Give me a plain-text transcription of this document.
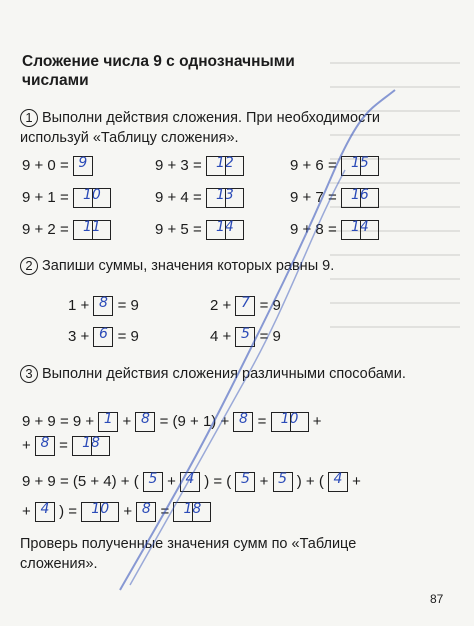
Сложение числа 9 с однозначными числами
1 Выполни действия сложения. При необходимости используй «Таблицу сложения».
9 + 0 = 9	9 + 3 =	12	9 + 6 =	15
9 + 1 =	10	9 + 4 =	13	9 + 7 =	16
9 + 2 =	11	9 + 5 =	14	9 + 8 =	14
2 Запиши суммы, значения которых равны 9.
1 + 8 = 9	2 + 7 = 9
3 + 6 = 9	4 + 5 = 9
3 Выполни действия сложения различными способами.
9 + 9 = 9 + 1 + 8 = (9 + 1) + 8 =	10 +
+ 8 =	18
9 + 9 = (5 + 4) + ( 5 + 4 ) = ( 5 + 5 ) + ( 4 +
+ 4 ) =	10 + 8 =	18
Проверь полученные значения сумм по «Таблице сложения».
87
